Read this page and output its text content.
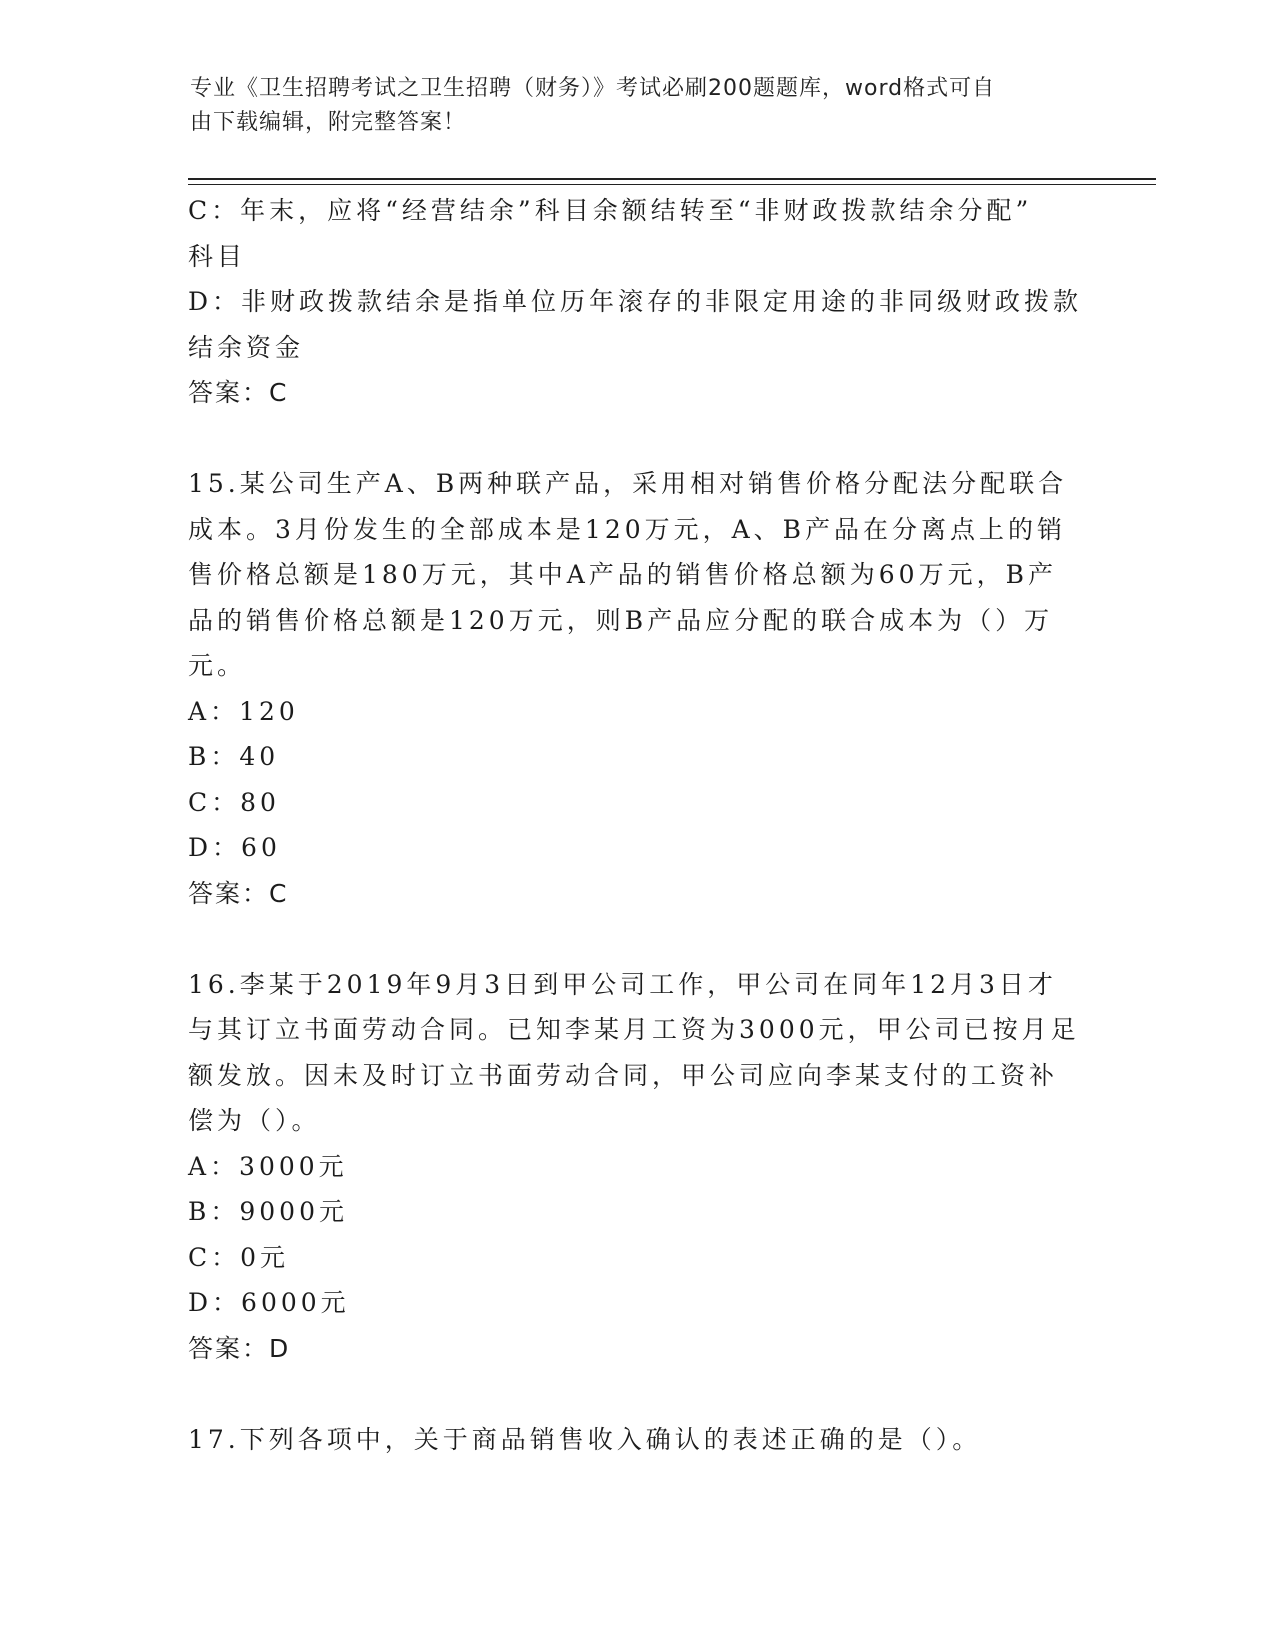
专业《卫生招聘考试之卫生招聘（财务）》考试必刷200题题库，word格式可自
由下载编辑，附完整答案！
C：年末，应将“经营结余”科目余额结转至“非财政拨款结余分配”
科目
D：非财政拨款结余是指单位历年滚存的非限定用途的非同级财政拨款
结余资金
答案：C
15.某公司生产A、B两种联产品，采用相对销售价格分配法分配联合
成本。3月份发生的全部成本是120万元，A、B产品在分离点上的销
售价格总额是180万元，其中A产品的销售价格总额为60万元，B产
品的销售价格总额是120万元，则B产品应分配的联合成本为（）万
元。
A：120
B：40
C：80
D：60
答案：C
16.李某于2019年9月3日到甲公司工作，甲公司在同年12月3日才
与其订立书面劳动合同。已知李某月工资为3000元，甲公司已按月足
额发放。因未及时订立书面劳动合同，甲公司应向李某支付的工资补
偿为（）。
A：3000元
B：9000元
C：0元
D：6000元
答案：D
17.下列各项中，关于商品销售收入确认的表述正确的是（）。
